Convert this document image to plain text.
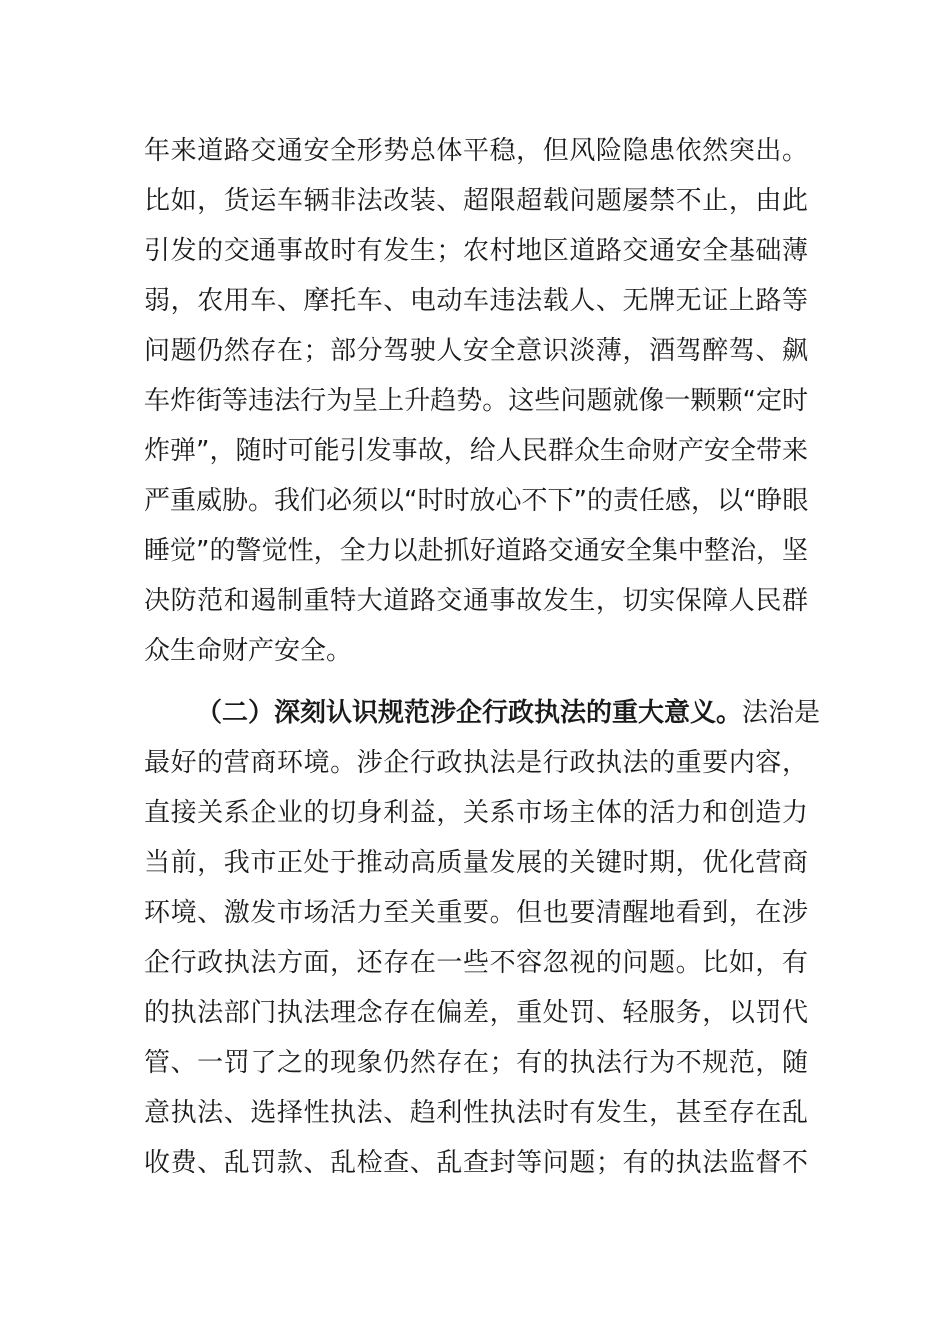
年来道路交通安全形势总体平稳，但风险隐患依然突出。
比如，货运车辆非法改装、超限超载问题屡禁不止，由此
引发的交通事故时有发生；农村地区道路交通安全基础薄
弱，农用车、摩托车、电动车违法载人、无牌无证上路等
问题仍然存在；部分驾驶人安全意识淡薄，酒驾醉驾、飙
车炸街等违法行为呈上升趋势。这些问题就像一颗颗“定时
炸弹”，随时可能引发事故，给人民群众生命财产安全带来
严重威胁。我们必须以“时时放心不下”的责任感，以“睁眼
睡觉”的警觉性，全力以赴抓好道路交通安全集中整治，坚
决防范和遏制重特大道路交通事故发生，切实保障人民群
众生命财产安全。

（二）深刻认识规范涉企行政执法的重大意义。法治是
最好的营商环境。涉企行政执法是行政执法的重要内容，
直接关系企业的切身利益，关系市场主体的活力和创造力
当前，我市正处于推动高质量发展的关键时期，优化营商
环境、激发市场活力至关重要。但也要清醒地看到，在涉
企行政执法方面，还存在一些不容忽视的问题。比如，有
的执法部门执法理念存在偏差，重处罚、轻服务，以罚代
管、一罚了之的现象仍然存在；有的执法行为不规范，随
意执法、选择性执法、趋利性执法时有发生，甚至存在乱
收费、乱罚款、乱检查、乱查封等问题；有的执法监督不
